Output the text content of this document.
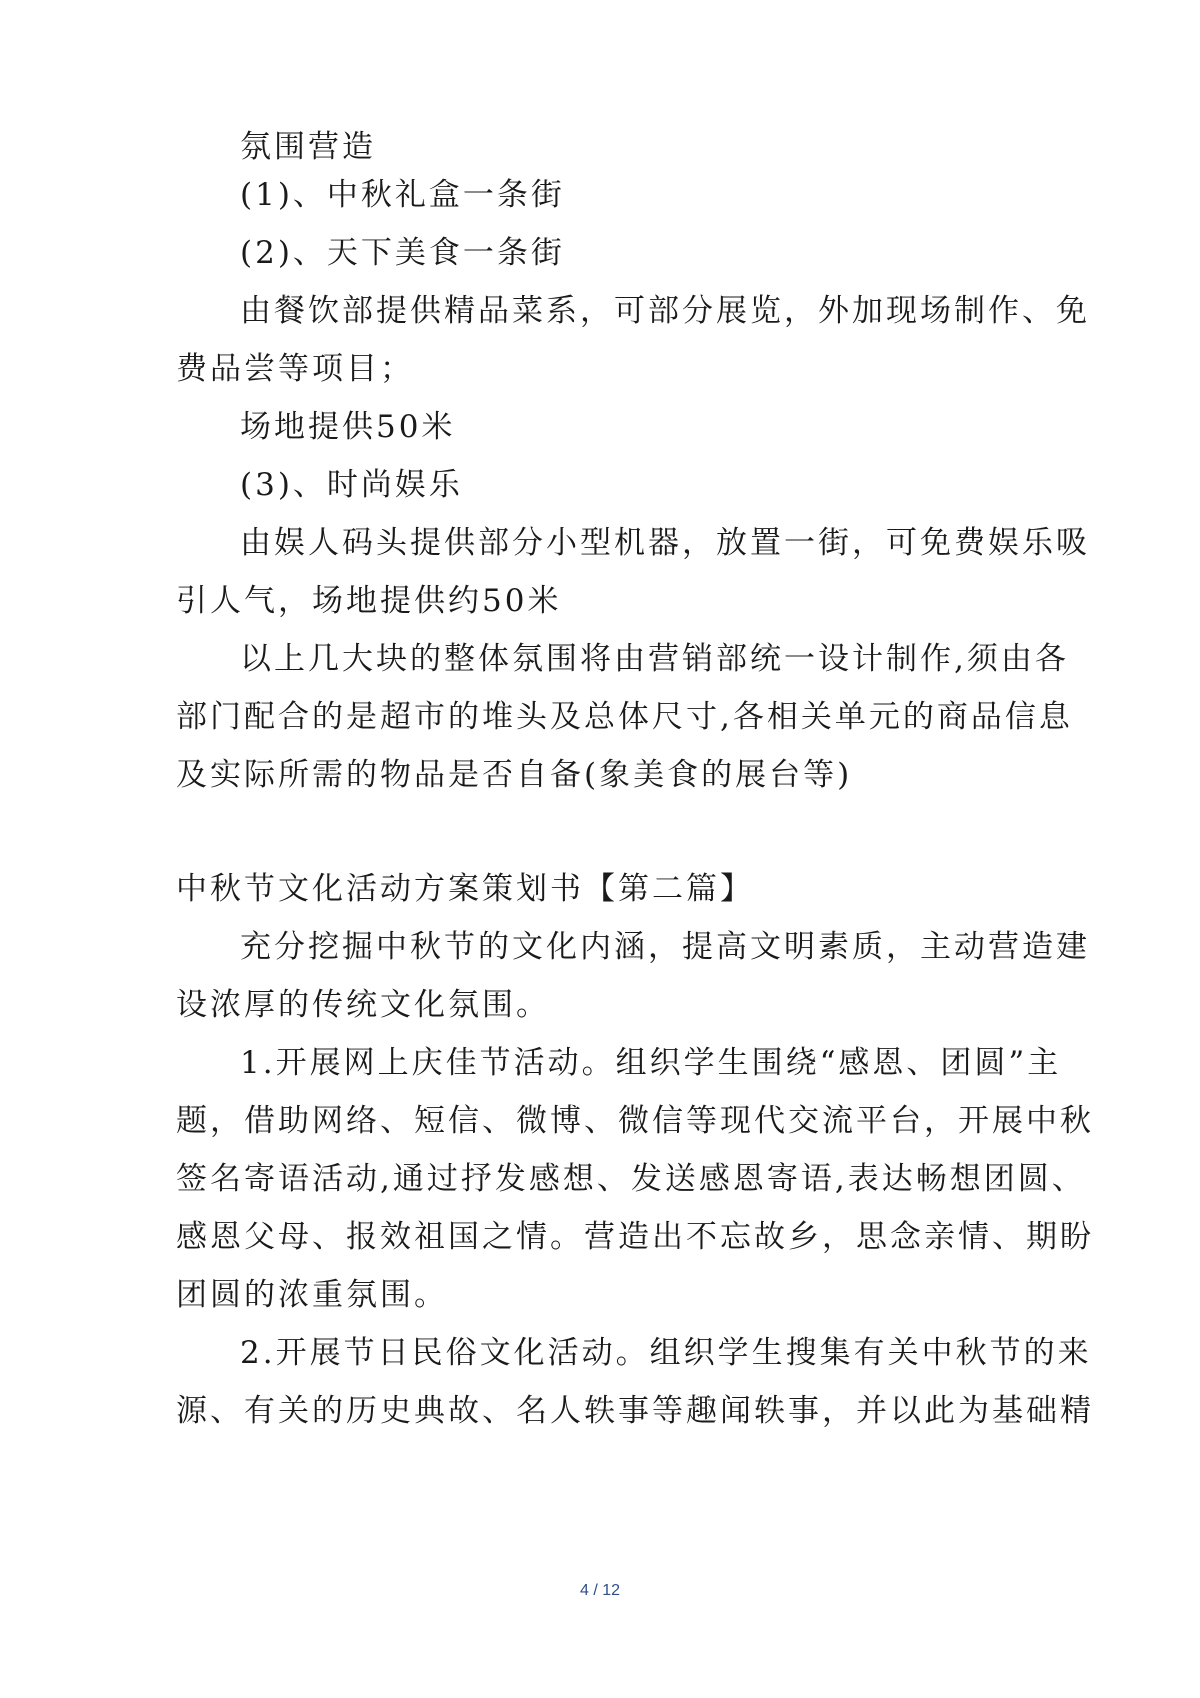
氛围营造
(1)、中秋礼盒一条街
(2)、天下美食一条街
由餐饮部提供精品菜系，可部分展览，外加现场制作、免
费品尝等项目；
场地提供50米
(3)、时尚娱乐
由娱人码头提供部分小型机器，放置一街，可免费娱乐吸
引人气，场地提供约50米
以上几大块的整体氛围将由营销部统一设计制作,须由各
部门配合的是超市的堆头及总体尺寸,各相关单元的商品信息
及实际所需的物品是否自备(象美食的展台等)
中秋节文化活动方案策划书【第二篇】
充分挖掘中秋节的文化内涵，提高文明素质，主动营造建
设浓厚的传统文化氛围。
1.开展网上庆佳节活动。组织学生围绕“感恩、团圆”主
题，借助网络、短信、微博、微信等现代交流平台，开展中秋
签名寄语活动,通过抒发感想、发送感恩寄语,表达畅想团圆、
感恩父母、报效祖国之情。营造出不忘故乡，思念亲情、期盼
团圆的浓重氛围。
2.开展节日民俗文化活动。组织学生搜集有关中秋节的来
源、有关的历史典故、名人轶事等趣闻轶事，并以此为基础精
4 / 12
